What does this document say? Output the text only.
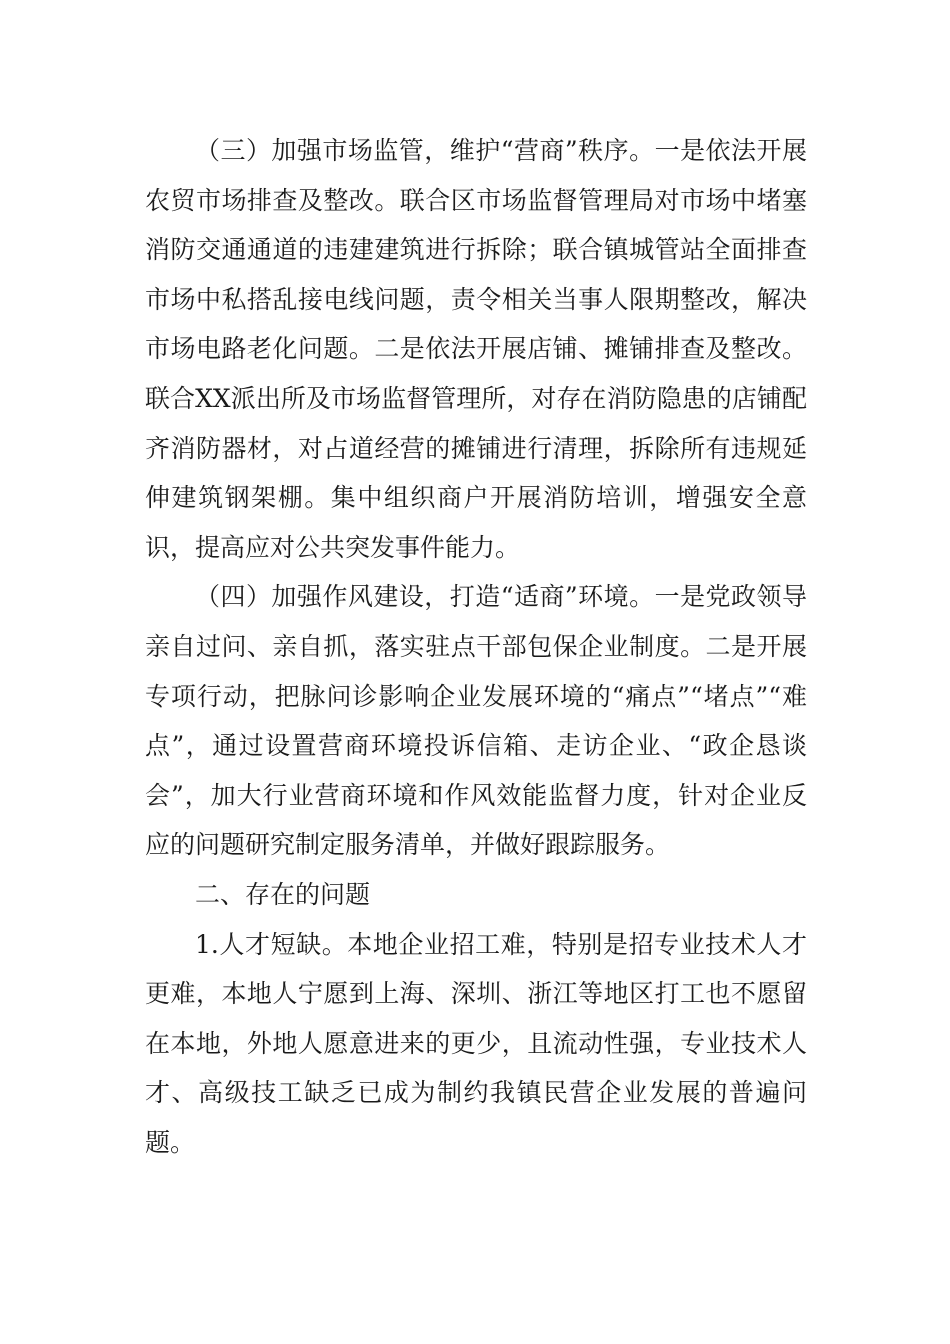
（三）加强市场监管，维护“营商”秩序。一是依法开展农贸市场排查及整改。联合区市场监督管理局对市场中堵塞消防交通通道的违建建筑进行拆除；联合镇城管站全面排查市场中私搭乱接电线问题，责令相关当事人限期整改，解决市场电路老化问题。二是依法开展店铺、摊铺排查及整改。联合XX派出所及市场监督管理所，对存在消防隐患的店铺配齐消防器材，对占道经营的摊铺进行清理，拆除所有违规延伸建筑钢架棚。集中组织商户开展消防培训，增强安全意识，提高应对公共突发事件能力。

（四）加强作风建设，打造“适商”环境。一是党政领导亲自过问、亲自抓，落实驻点干部包保企业制度。二是开展专项行动，把脉问诊影响企业发展环境的“痛点”“堵点”“难点”，通过设置营商环境投诉信箱、走访企业、“政企恳谈会”，加大行业营商环境和作风效能监督力度，针对企业反应的问题研究制定服务清单，并做好跟踪服务。

二、存在的问题

1.人才短缺。本地企业招工难，特别是招专业技术人才更难，本地人宁愿到上海、深圳、浙江等地区打工也不愿留在本地，外地人愿意进来的更少，且流动性强，专业技术人才、高级技工缺乏已成为制约我镇民营企业发展的普遍问题。
